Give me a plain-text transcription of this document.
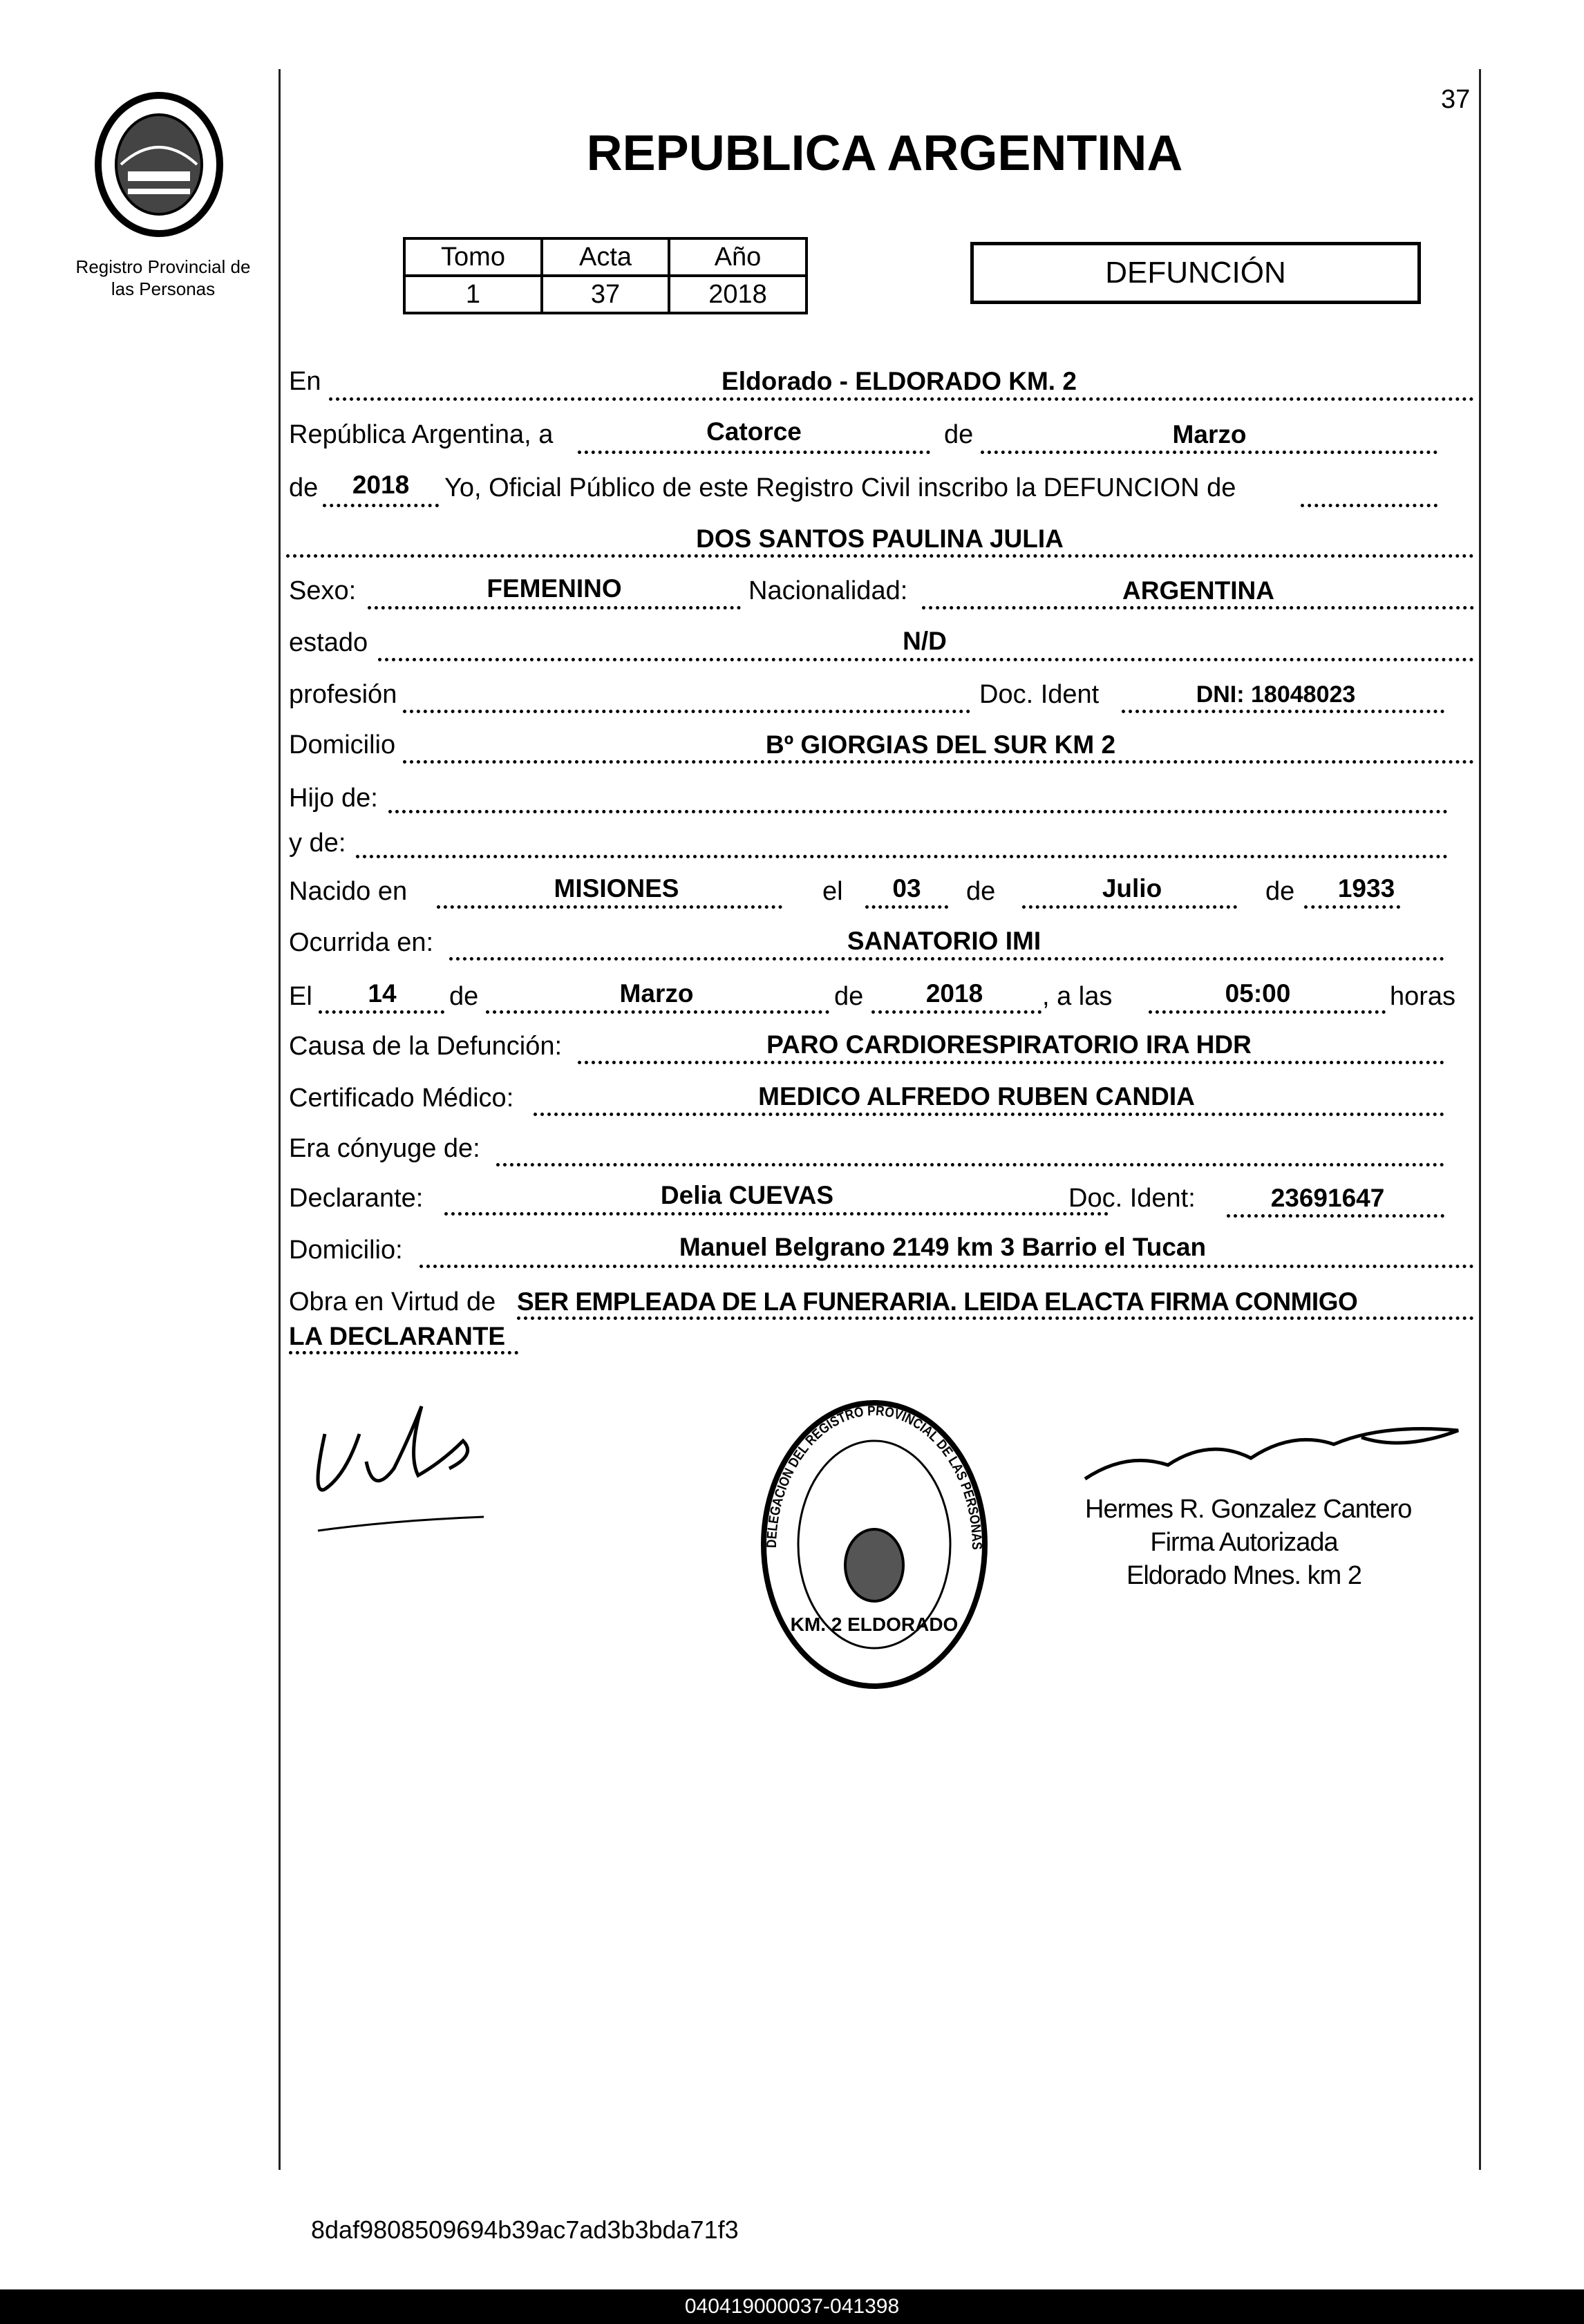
Registro Provincial de
las Personas
37
REPUBLICA ARGENTINA
Tomo	Acta	Año
1	37	2018
DEFUNCIÓN
En	Eldorado - ELDORADO KM. 2
República Argentina, a	Catorce	de	Marzo
de 2018 Yo, Oficial Público de este Registro Civil inscribo la DEFUNCION de
DOS SANTOS PAULINA JULIA
Sexo:	FEMENINO	Nacionalidad:	ARGENTINA
estado	N/D
profesión	Doc. Ident	DNI: 18048023
Domicilio	Bº GIORGIAS DEL SUR KM 2
Hijo de:
y de:
Nacido en	MISIONES	el 03 de	Julio	de 1933
Ocurrida en:	SANATORIO IMI
El 14 de	Marzo	de 2018 , a las	05:00	horas
Causa de la Defunción:	PARO CARDIORESPIRATORIO IRA HDR
Certificado Médico:	MEDICO ALFREDO RUBEN CANDIA
Era cónyuge de:
Declarante:	Delia CUEVAS	Doc. Ident:	23691647
Domicilio:	Manuel Belgrano 2149 km 3 Barrio el Tucan
Obra en Virtud de SER EMPLEADA DE LA FUNERARIA. LEIDA ELACTA FIRMA CONMIGO
LA DECLARANTE
DELEGACION DEL REGISTRO PROVINCIAL DE LAS PERSONAS
KM. 2 ELDORADO
Hermes R. Gonzalez Cantero
Firma Autorizada
Eldorado Mnes. km 2
8daf9808509694b39ac7ad3b3bda71f3
040419000037-041398
